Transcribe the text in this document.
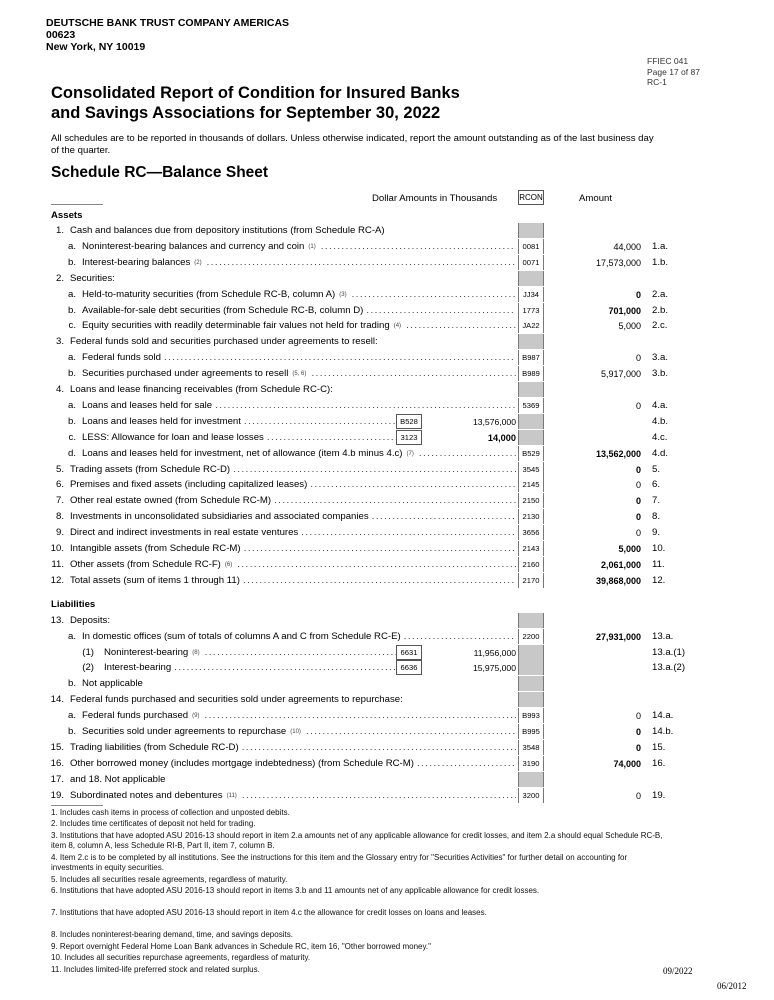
DEUTSCHE BANK TRUST COMPANY AMERICAS
00623
New York, NY 10019
FFIEC 041
Page 17 of 87
RC-1
Consolidated Report of Condition for Insured Banks
and Savings Associations for September 30, 2022
All schedules are to be reported in thousands of dollars. Unless otherwise indicated, report the amount outstanding as of the last business day of the quarter.
Schedule RC—Balance Sheet
Dollar Amounts in Thousands	RCON	Amount
Assets
Liabilities
1. Cash and balances due from depository institutions (from Schedule RC-A)
a. Noninterest-bearing balances and currency and coin (1) . . .	0081	44,000 1.a.
b. Interest-bearing balances (2) . . .	0071	17,573,000 1.b.
2. Securities:
a. Held-to-maturity securities (from Schedule RC-B, column A) (3) . . .	JJ34	0 2.a.
b. Available-for-sale debt securities (from Schedule RC-B, column D) . . .	1773	701,000 2.b.
c. Equity securities with readily determinable fair values not held for trading (4) . . .	JA22	5,000 2.c.
3. Federal funds sold and securities purchased under agreements to resell:
a. Federal funds sold . . .	B987	0 3.a.
b. Securities purchased under agreements to resell (5, 6) . . .	B989	5,917,000 3.b.
4. Loans and lease financing receivables (from Schedule RC-C):
a. Loans and leases held for sale . . .	5369	0 4.a.
b. Loans and leases held for investment . . .	B528	13,576,000	4.b.
c. LESS: Allowance for loan and lease losses . . .	3123	14,000	4.c.
d. Loans and leases held for investment, net of allowance (item 4.b minus 4.c) (7) . . .	B529	13,562,000 4.d.
5. Trading assets (from Schedule RC-D) . . .	3545	0 5.
6. Premises and fixed assets (including capitalized leases) . . .	2145	0 6.
7. Other real estate owned (from Schedule RC-M) . . .	2150	0 7.
8. Investments in unconsolidated subsidiaries and associated companies . . .	2130	0 8.
9. Direct and indirect investments in real estate ventures . . .	3656	0 9.
10. Intangible assets (from Schedule RC-M) . . .	2143	5,000 10.
11. Other assets (from Schedule RC-F) (6) . . .	2160	2,061,000 11.
12. Total assets (sum of items 1 through 11) . . .	2170	39,868,000 12.
13. Deposits:
a. In domestic offices (sum of totals of columns A and C from Schedule RC-E) . . .	2200	27,931,000 13.a.
(1) Noninterest-bearing (8) . . .	6631	11,956,000	13.a.(1)
(2) Interest-bearing . . .	6636	15,975,000	13.a.(2)
b. Not applicable
14. Federal funds purchased and securities sold under agreements to repurchase:
a. Federal funds purchased (9) . . .	B993	0 14.a.
b. Securities sold under agreements to repurchase (10) . . .	B995	0 14.b.
15. Trading liabilities (from Schedule RC-D) . . .	3548	0 15.
16. Other borrowed money (includes mortgage indebtedness) (from Schedule RC-M) . . .	3190	74,000 16.
17. and 18. Not applicable
19. Subordinated notes and debentures (11) . . .	3200	0 19.
1. Includes cash items in process of collection and unposted debits.
2. Includes time certificates of deposit not held for trading.
3. Institutions that have adopted ASU 2016-13 should report in item 2.a amounts net of any applicable allowance for credit losses, and item 2.a should equal Schedule RC-B, item 8, column A, less Schedule RI-B, Part II, item 7, column B.
4. Item 2.c is to be completed by all institutions. See the instructions for this item and the Glossary entry for "Securities Activities" for further detail on accounting for investments in equity securities.
5. Includes all securities resale agreements, regardless of maturity.
6. Institutions that have adopted ASU 2016-13 should report in items 3.b and 11 amounts net of any applicable allowance for credit losses.
7. Institutions that have adopted ASU 2016-13 should report in item 4.c the allowance for credit losses on loans and leases.
8. Includes noninterest-bearing demand, time, and savings deposits.
9. Report overnight Federal Home Loan Bank advances in Schedule RC, item 16, "Other borrowed money."
10. Includes all securities repurchase agreements, regardless of maturity.
11. Includes limited-life preferred stock and related surplus.	09/2022
06/2012
